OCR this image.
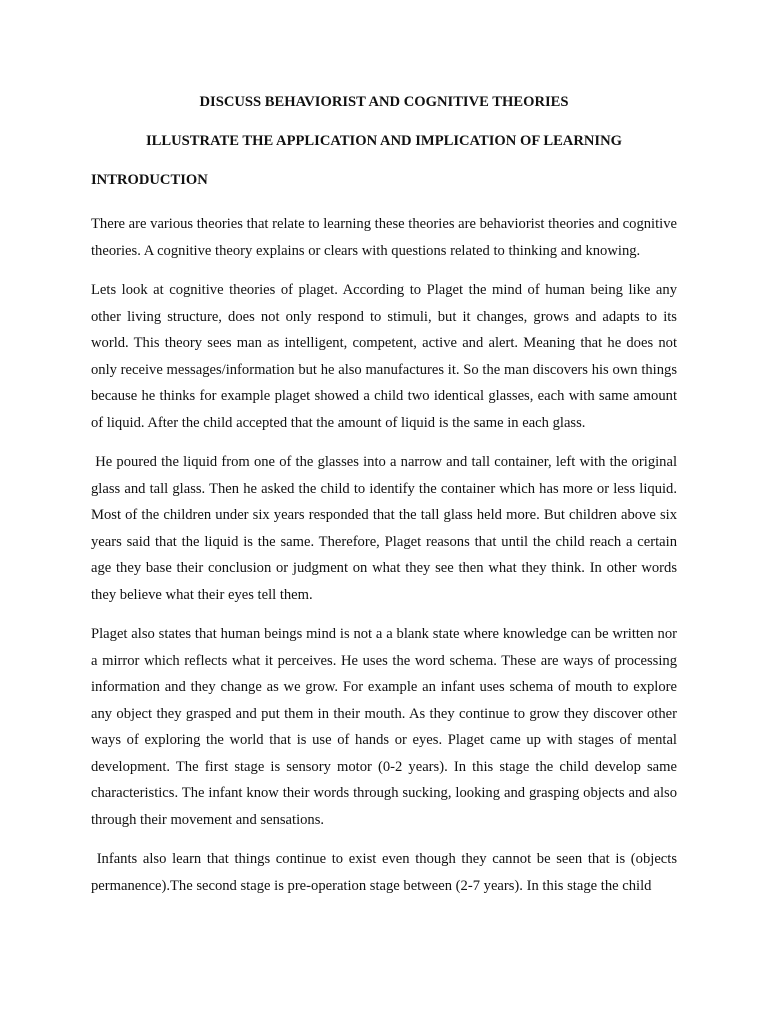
DISCUSS BEHAVIORIST AND COGNITIVE THEORIES

ILLUSTRATE THE APPLICATION AND IMPLICATION OF LEARNING

INTRODUCTION

There are various theories that relate to learning these theories are behaviorist theories and cognitive theories. A cognitive theory explains or clears with questions related to thinking and knowing.

Lets look at cognitive theories of plaget. According to Plaget the mind of human being like any other living structure, does not only respond to stimuli, but it changes, grows and adapts to its world. This theory sees man as intelligent, competent, active and alert. Meaning that he does not only receive messages/information but he also manufactures it. So the man discovers his own things because he thinks for example plaget showed a child two identical glasses, each with same amount of liquid. After the child accepted that the amount of liquid is the same in each glass.

He poured the liquid from one of the glasses into a narrow and tall container, left with the original glass and tall glass. Then he asked the child to identify the container which has more or less liquid. Most of the children under six years responded that the tall glass held more. But children above six years said that the liquid is the same. Therefore, Plaget reasons that until the child reach a certain age they base their conclusion or judgment on what they see then what they think. In other words they believe what their eyes tell them.

Plaget also states that human beings mind is not a a blank state where knowledge can be written nor a mirror which reflects what it perceives. He uses the word schema. These are ways of processing information and they change as we grow. For example an infant uses schema of mouth to explore any object they grasped and put them in their mouth. As they continue to grow they discover other ways of exploring the world that is use of hands or eyes. Plaget came up with stages of mental development. The first stage is sensory motor (0-2 years). In this stage the child develop same characteristics. The infant know their words through sucking, looking and grasping objects and also through their movement and sensations.

Infants also learn that things continue to exist even though they cannot be seen that is (objects permanence).The second stage is pre-operation stage between (2-7 years). In this stage the child
